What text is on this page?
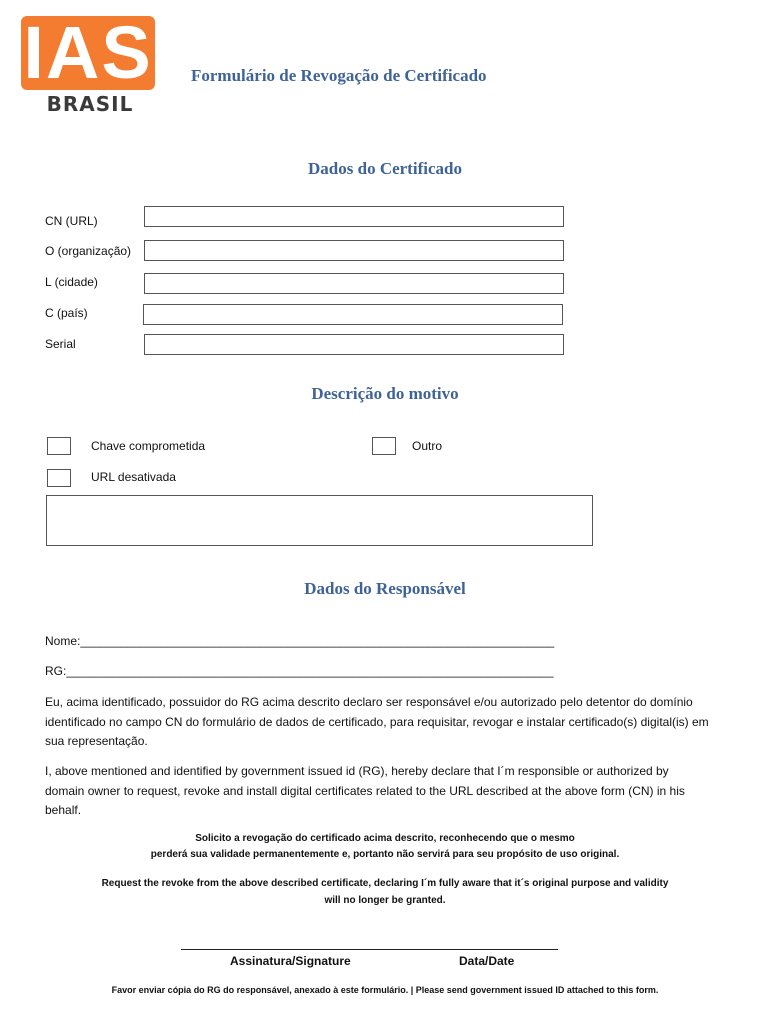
IAS
BRASIL
Formulário de Revogação de Certificado
Dados do Certificado
CN (URL)
O (organização)
L (cidade)
C (país)
Serial
Descrição do motivo
Chave comprometida	Outro
URL desativada
Dados do Responsável
Nome:_______________________________________________________________________
RG:_________________________________________________________________________
Eu, acima identificado, possuidor do RG acima descrito declaro ser responsável e/ou autorizado pelo detentor do domínio identificado no campo CN do formulário de dados de certificado, para requisitar, revogar e instalar certificado(s) digital(is) em sua representação.
I, above mentioned and identified by government issued id (RG), hereby declare that I´m responsible or authorized by domain owner to request, revoke and install digital certificates related to the URL described at the above form (CN) in his behalf.
Solicito a revogação do certificado acima descrito, reconhecendo que o mesmo
perderá sua validade permanentemente e, portanto não servirá para seu propósito de uso original.
Request the revoke from the above described certificate, declaring I´m fully aware that it´s original purpose and validity
will no longer be granted.
Assinatura/Signature	Data/Date
Favor enviar cópia do RG do responsável, anexado à este formulário. | Please send government issued ID attached to this form.
